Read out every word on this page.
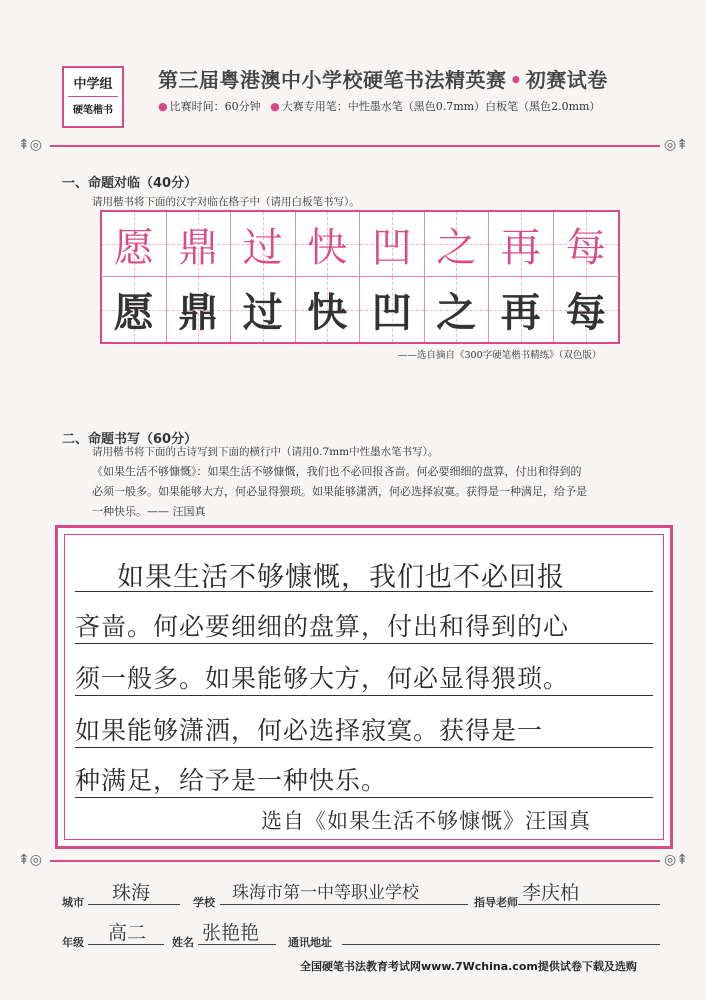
中学组
硬笔楷书
第三届粤港澳中小学校硬笔书法精英赛 • 初赛试卷
● 比赛时间：60分钟 ● 大赛专用笔：中性墨水笔（黑色0.7mm）白板笔（黑色2.0mm）
⇞◎	◎⇞
一、命题对临（40分）
请用楷书将下面的汉字对临在格子中（请用白板笔书写）。
愿 鼎 过 快 凹 之 再 每
愿 鼎 过 快 凹 之 再 每
——选自摘自《300字硬笔楷书精练》（双色版）
二、命题书写（60分）
请用楷书将下面的古诗写到下面的横行中（请用0.7mm中性墨水笔书写）。
《如果生活不够慷慨》：如果生活不够慷慨，我们也不必回报吝啬。何必要细细的盘算，付出和得到的
必须一般多。如果能够大方，何必显得猥琐。如果能够潇洒，何必选择寂寞。获得是一种满足，给予是
一种快乐。—— 汪国真
如果生活不够慷慨，我们也不必回报
吝啬。何必要细细的盘算，付出和得到的心
须一般多。如果能够大方，何必显得猥琐。
如果能够潇洒，何必选择寂寞。获得是一
种满足，给予是一种快乐。
选自《如果生活不够慷慨》汪国真
⇞◎	◎⇞
城市 珠海	学校 珠海市第一中等职业学校	指导老师 李庆柏
年级 高二 姓名 张艳艳	通讯地址
全国硬笔书法教育考试网www.7Wchina.com提供试卷下载及选购
